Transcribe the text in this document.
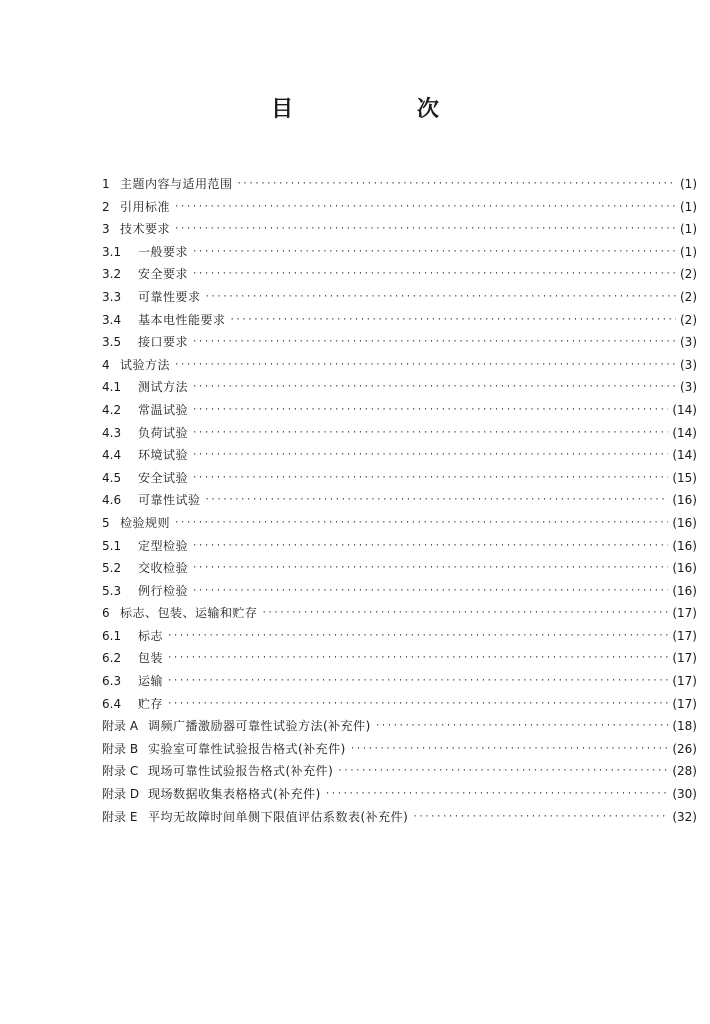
目 次
1 主题内容与适用范围 ·····	(1)
2 引用标准 ·····	(1)
3 技术要求 ·····	(1)
3.1	一般要求 ·····	(1)
3.2	安全要求 ·····	(2)
3.3	可靠性要求 ·····	(2)
3.4	基本电性能要求 ·····	(2)
3.5	接口要求 ·····	(3)
4 试验方法 ·····	(3)
4.1	测试方法 ·····	(3)
4.2	常温试验 ·····	(14)
4.3	负荷试验 ·····	(14)
4.4	环境试验 ·····	(14)
4.5	安全试验 ·····	(15)
4.6	可靠性试验 ·····	(16)
5 检验规则 ·····	(16)
5.1	定型检验 ·····	(16)
5.2	交收检验 ·····	(16)
5.3	例行检验 ·····	(16)
6 标志、包装、运输和贮存 ·····	(17)
6.1	标志 ·····	(17)
6.2	包装 ·····	(17)
6.3	运输 ·····	(17)
6.4	贮存 ·····	(17)
附录 A 调频广播激励器可靠性试验方法(补充件) ·····	(18)
附录 B 实验室可靠性试验报告格式(补充件) ·····	(26)
附录 C 现场可靠性试验报告格式(补充件) ·····	(28)
附录 D 现场数据收集表格格式(补充件) ·····	(30)
附录 E 平均无故障时间单侧下限值评估系数表(补充件) ·····	(32)
